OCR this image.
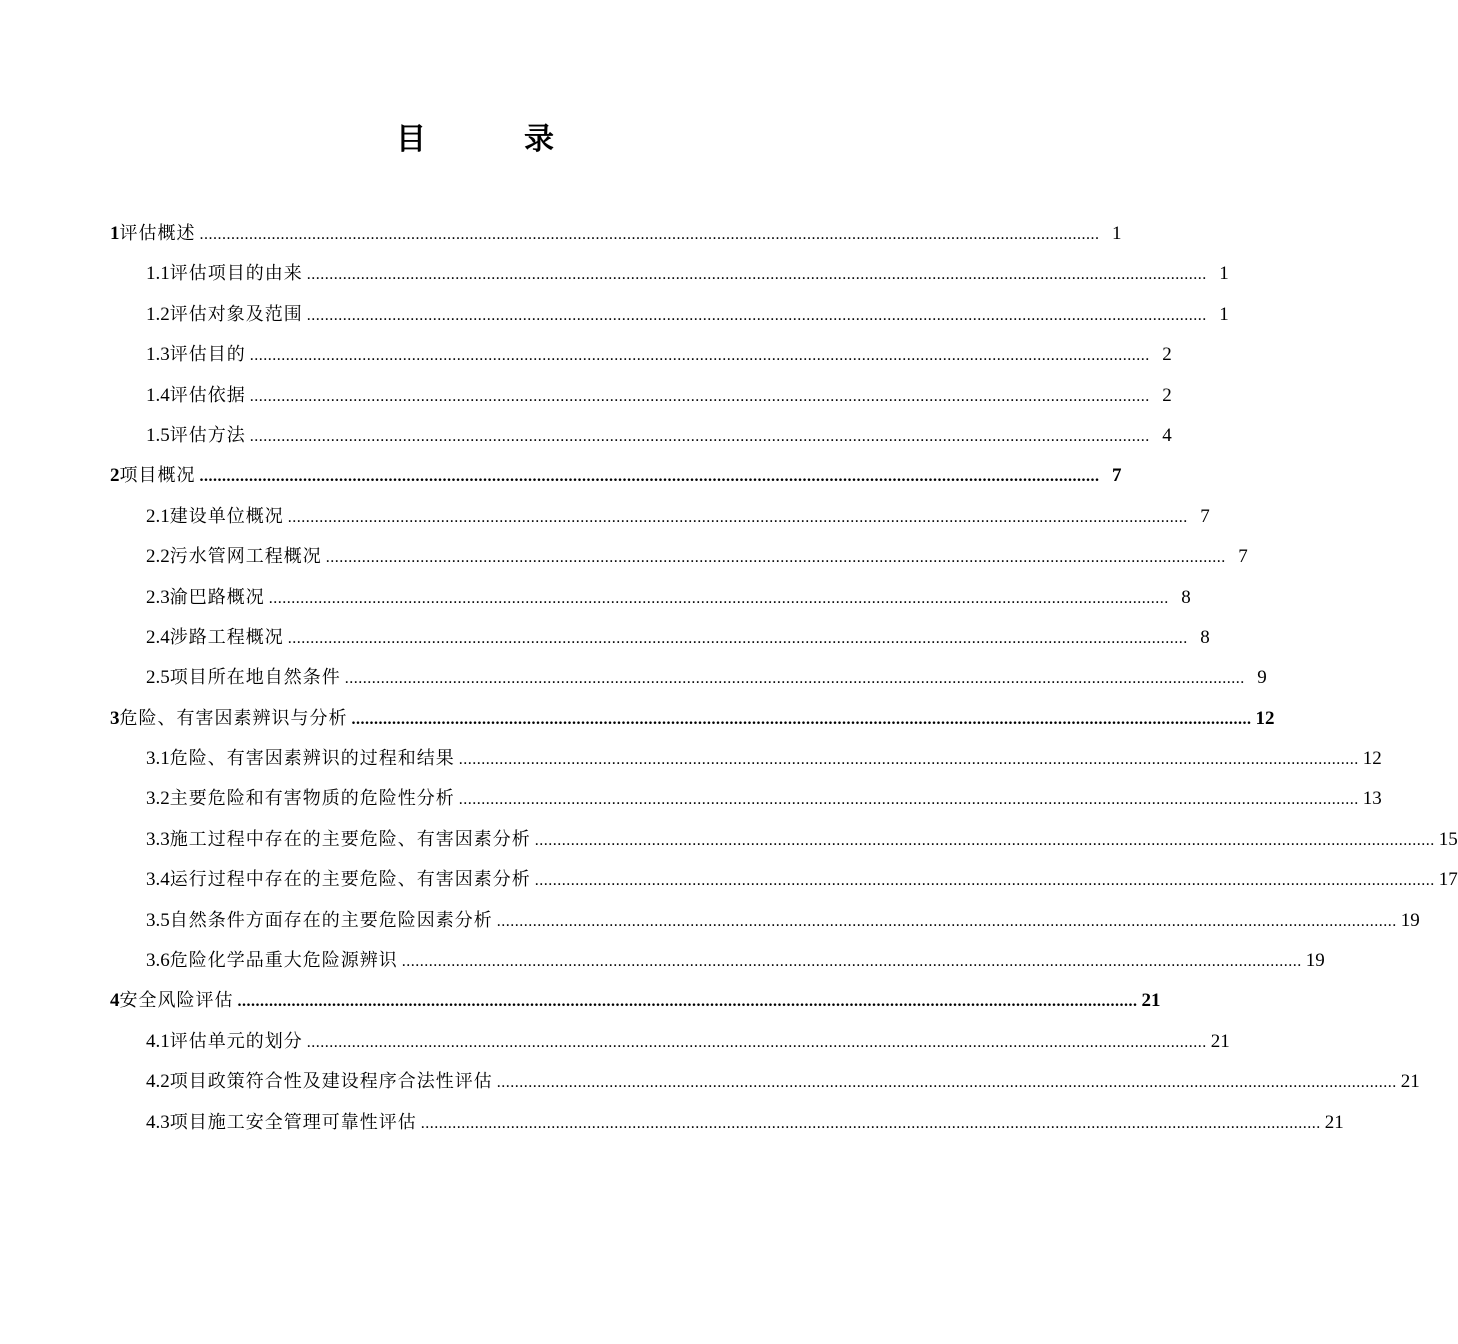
目　录
1 评估概述 .....	1
1.1 评估项目的由来 .....	1
1.2 评估对象及范围 .....	1
1.3 评估目的 .....	2
1.4 评估依据 .....	2
1.5 评估方法 .....	4
2 项目概况 .....	7
2.1 建设单位概况 .....	7
2.2 污水管网工程概况 .....	7
2.3 渝巴路概况 .....	8
2.4 涉路工程概况 .....	8
2.5 项目所在地自然条件 .....	9
3 危险、有害因素辨识与分析 .....	12
3.1 危险、有害因素辨识的过程和结果 .....	12
3.2 主要危险和有害物质的危险性分析 .....	13
3.3 施工过程中存在的主要危险、有害因素分析 .....	15
3.4 运行过程中存在的主要危险、有害因素分析 .....	17
3.5 自然条件方面存在的主要危险因素分析 .....	19
3.6 危险化学品重大危险源辨识 .....	19
4 安全风险评估 .....	21
4.1 评估单元的划分 .....	21
4.2 项目政策符合性及建设程序合法性评估 .....	21
4.3 项目施工安全管理可靠性评估 .....	21
